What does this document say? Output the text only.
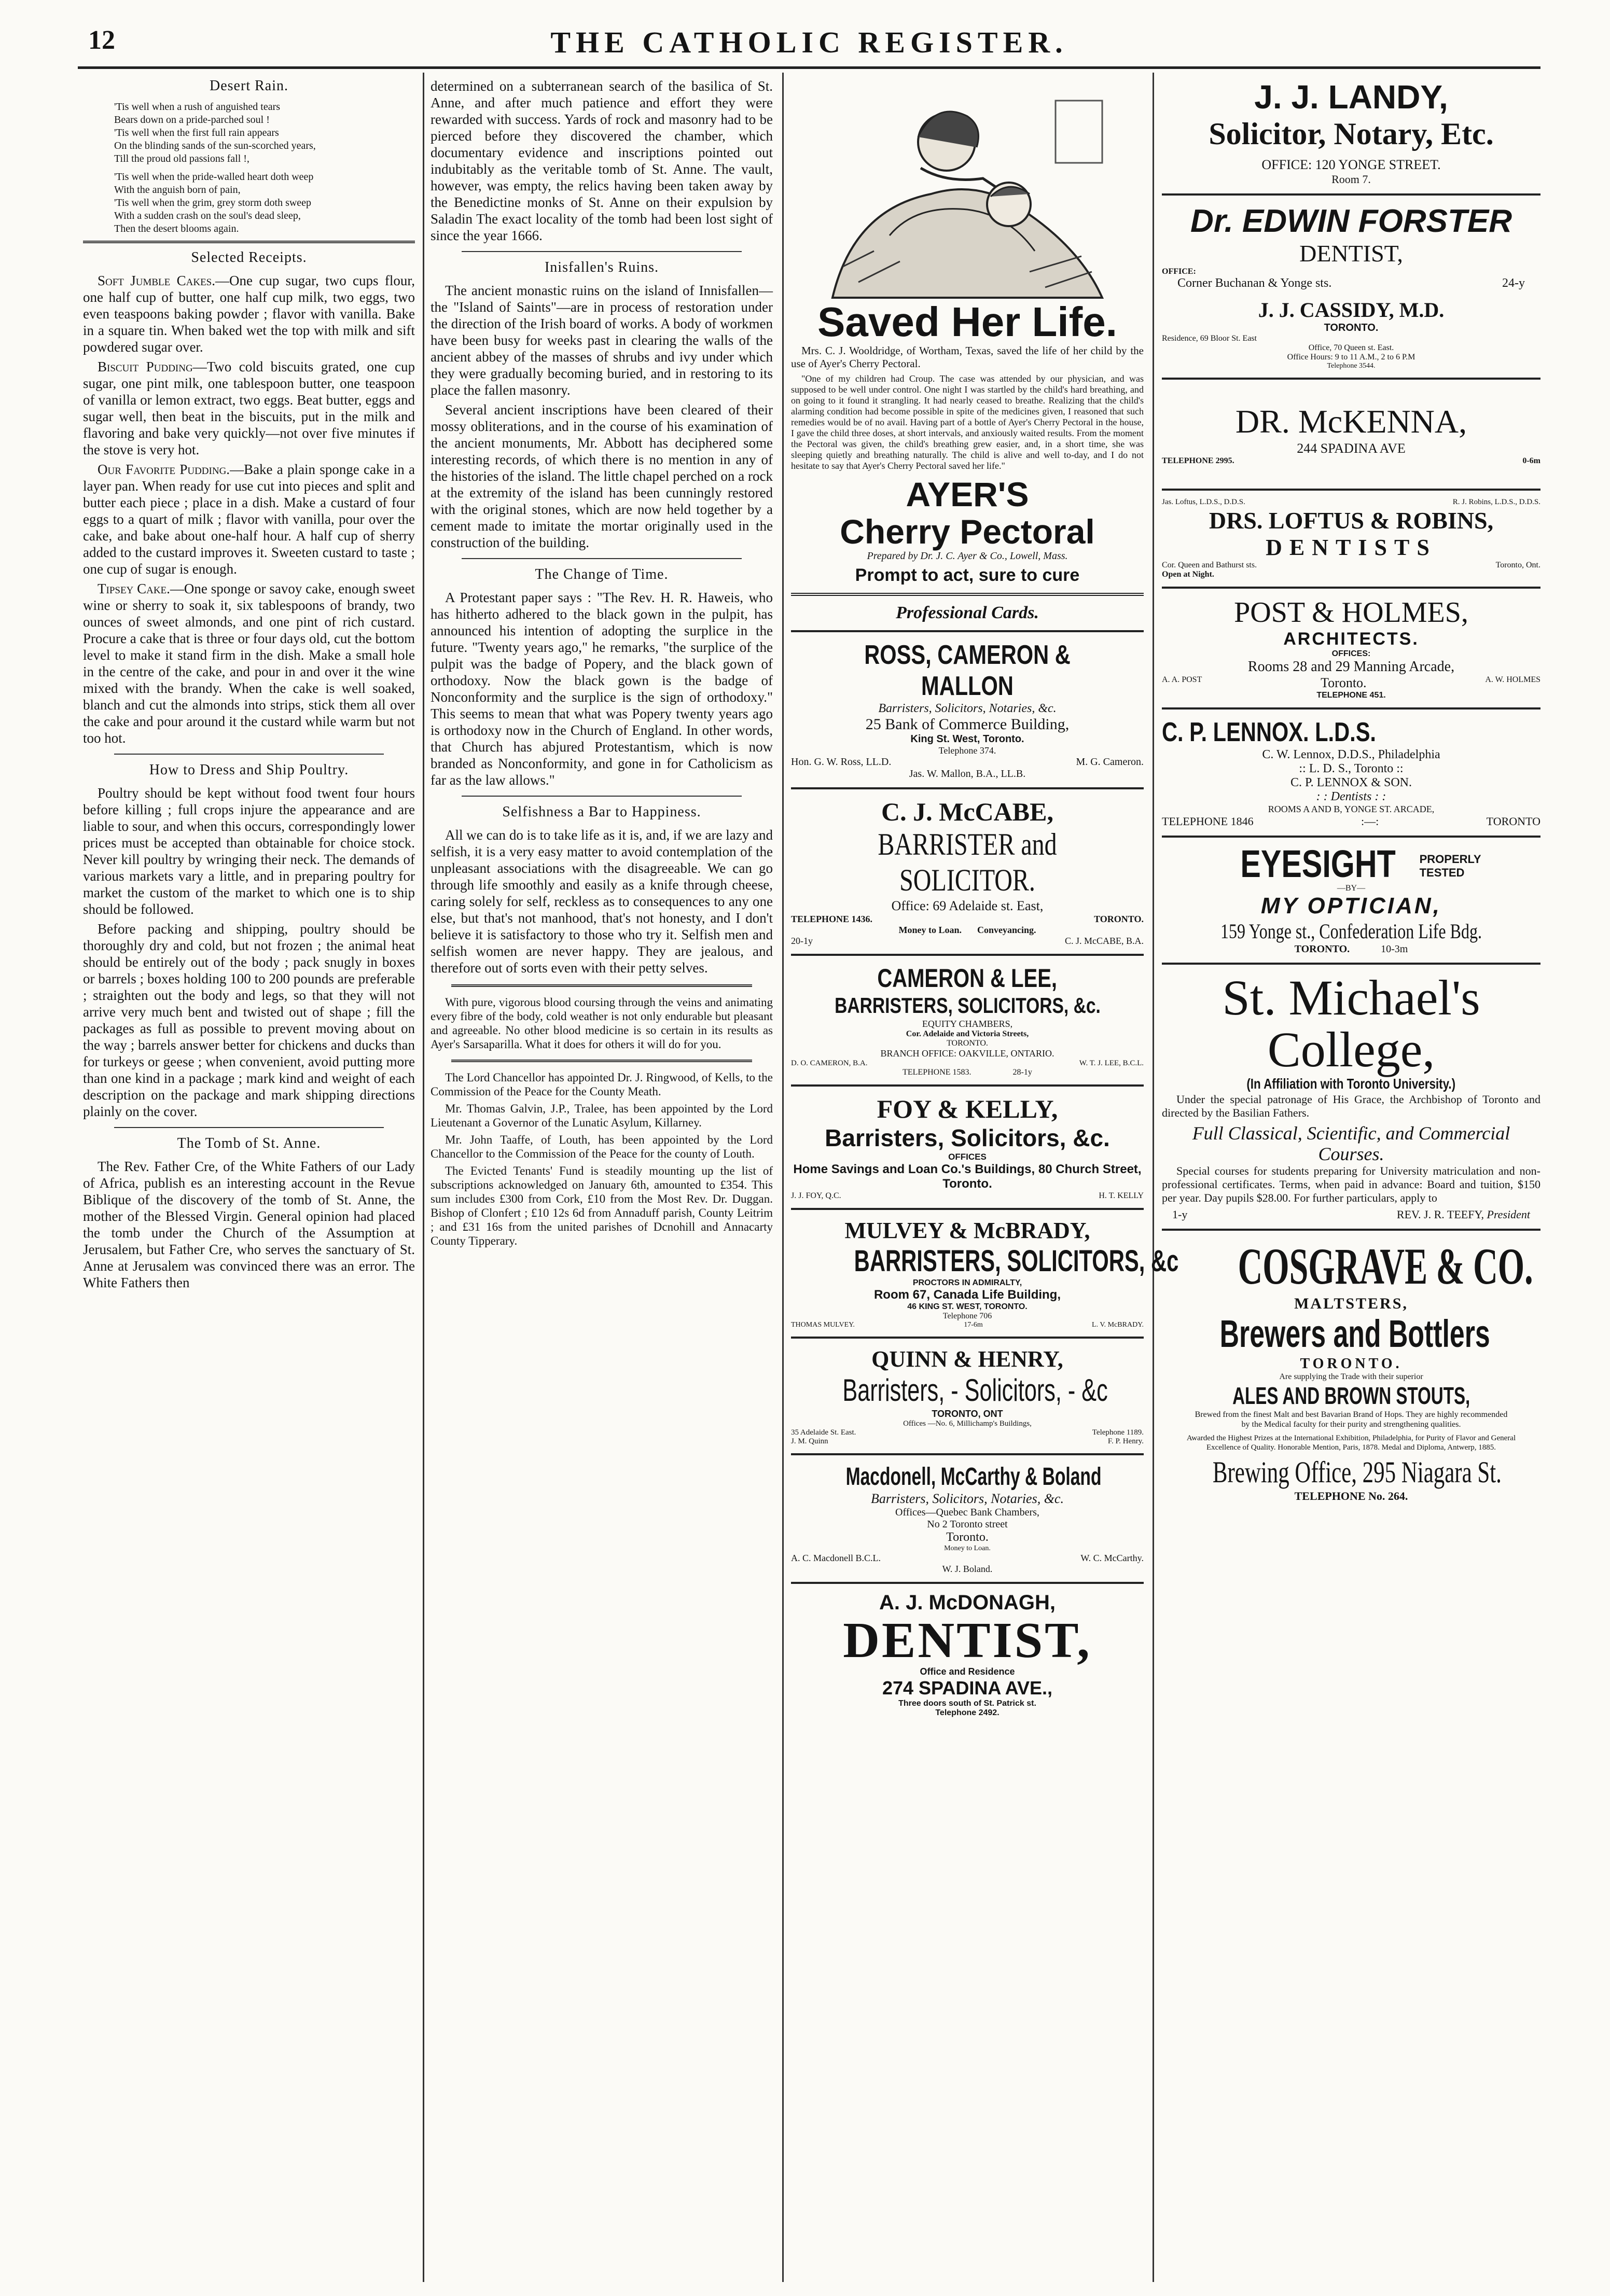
12	THE CATHOLIC REGISTER.
Desert Rain.
'Tis well when a rush of anguished tears
Bears down on a pride-parched soul !
'Tis well when the first full rain appears
On the blinding sands of the sun-scorched years,
Till the proud old passions fall !,
'Tis well when the pride-walled heart doth weep
With the anguish born of pain,
'Tis well when the grim, grey storm doth sweep
With a sudden crash on the soul's dead sleep,
Then the desert blooms again.
Selected Receipts.

Soft Jumble Cakes.—One cup sugar, two cups flour, one half cup of butter, one half cup milk, two eggs, two even teaspoons baking powder ; flavor with vanilla. Bake in a square tin. When baked wet the top with milk and sift powdered sugar over.

Biscuit Pudding—Two cold biscuits grated, one cup sugar, one pint milk, one tablespoon butter, one teaspoon of vanilla or lemon extract, two eggs. Beat butter, eggs and sugar well, then beat in the biscuits, put in the milk and flavoring and bake very quickly—not over five minutes if the stove is very hot.

Our Favorite Pudding.—Bake a plain sponge cake in a layer pan. When ready for use cut into pieces and split and butter each piece ; place in a dish. Make a custard of four eggs to a quart of milk ; flavor with vanilla, pour over the cake, and bake about one-half hour. A half cup of sherry added to the custard improves it. Sweeten custard to taste ; one cup of sugar is enough.

Tipsey Cake.—One sponge or savoy cake, enough sweet wine or sherry to soak it, six tablespoons of brandy, two ounces of sweet almonds, and one pint of rich custard. Procure a cake that is three or four days old, cut the bottom level to make it stand firm in the dish. Make a small hole in the centre of the cake, and pour in and over it the wine mixed with the brandy. When the cake is well soaked, blanch and cut the almonds into strips, stick them all over the cake and pour around it the custard while warm but not too hot.

How to Dress and Ship Poultry.

Poultry should be kept without food twent four hours before killing ; full crops injure the appearance and are liable to sour, and when this occurs, correspondingly lower prices must be accepted than obtainable for choice stock. Never kill poultry by wringing their neck. The demands of various markets vary a little, and in preparing poultry for market the custom of the market to which one is to ship should be followed.

Before packing and shipping, poultry should be thoroughly dry and cold, but not frozen ; the animal heat should be entirely out of the body ; pack snugly in boxes or barrels ; boxes holding 100 to 200 pounds are preferable ; straighten out the body and legs, so that they will not arrive very much bent and twisted out of shape ; fill the packages as full as possible to prevent moving about on the way ; barrels answer better for chickens and ducks than for turkeys or geese ; when convenient, avoid putting more than one kind in a package ; mark kind and weight of each description on the package and mark shipping directions plainly on the cover.

The Tomb of St. Anne.

The Rev. Father Cre, of the White Fathers of our Lady of Africa, publish es an interesting account in the Revue Biblique of the discovery of the tomb of St. Anne, the mother of the Blessed Virgin. General opinion had placed the tomb under the Church of the Assumption at Jerusalem, but Father Cre, who serves the sanctuary of St. Anne at Jerusalem was convinced there was an error. The White Fathers then

determined on a subterranean search of the basilica of St. Anne, and after much patience and effort they were rewarded with success. Yards of rock and masonry had to be pierced before they discovered the chamber, which documentary evidence and inscriptions pointed out indubitably as the veritable tomb of St. Anne. The vault, however, was empty, the relics having been taken away by the Benedictine monks of St. Anne on their expulsion by Saladin The exact locality of the tomb had been lost sight of since the year 1666.

Inisfallen's Ruins.

The ancient monastic ruins on the island of Innisfallen—the "Island of Saints"—are in process of restoration under the direction of the Irish board of works. A body of workmen have been busy for weeks past in clearing the walls of the ancient abbey of the masses of shrubs and ivy under which they were gradually becoming buried, and in restoring to its place the fallen masonry.

Several ancient inscriptions have been cleared of their mossy obliterations, and in the course of his examination of the ancient monuments, Mr. Abbott has deciphered some interesting records, of which there is no mention in any of the histories of the island. The little chapel perched on a rock at the extremity of the island has been cunningly restored with the original stones, which are now held together by a cement made to imitate the mortar originally used in the construction of the building.

The Change of Time.

A Protestant paper says : "The Rev. H. R. Haweis, who has hitherto adhered to the black gown in the pulpit, has announced his intention of adopting the surplice in the future. "Twenty years ago," he remarks, "the surplice of the pulpit was the badge of Popery, and the black gown of orthodoxy. Now the black gown is the badge of Nonconformity and the surplice is the sign of orthodoxy." This seems to mean that what was Popery twenty years ago is orthodoxy now in the Church of England. In other words, that Church has abjured Protestantism, which is now branded as Nonconformity, and gone in for Catholicism as far as the law allows."

Selfishness a Bar to Happiness.

All we can do is to take life as it is, and, if we are lazy and selfish, it is a very easy matter to avoid contemplation of the unpleasant associations with the disagreeable. We can go through life smoothly and easily as a knife through cheese, caring solely for self, reckless as to consequences to any one else, but that's not manhood, that's not honesty, and I don't believe it is satisfactory to those who try it. Selfish men and selfish women are never happy. They are jealous, and therefore out of sorts even with their petty selves.

With pure, vigorous blood coursing through the veins and animating every fibre of the body, cold weather is not only endurable but pleasant and agreeable. No other blood medicine is so certain in its results as Ayer's Sarsaparilla. What it does for others it will do for you.

The Lord Chancellor has appointed Dr. J. Ringwood, of Kells, to the Commission of the Peace for the County Meath.

Mr. Thomas Galvin, J.P., Tralee, has been appointed by the Lord Lieutenant a Governor of the Lunatic Asylum, Killarney.

Mr. John Taaffe, of Louth, has been appointed by the Lord Chancellor to the Commission of the Peace for the county of Louth.

The Evicted Tenants' Fund is steadily mounting up the list of subscriptions acknowledged on January 6th, amounted to £354. This sum includes £300 from Cork, £10 from the Most Rev. Dr. Duggan. Bishop of Clonfert ; £10 12s 6d from Annaduff parish, County Leitrim ; and £31 16s from the united parishes of Dcnohill and Annacarty County Tipperary.

Saved Her Life.

Mrs. C. J. Wooldridge, of Wortham, Texas, saved the life of her child by the use of Ayer's Cherry Pectoral.

"One of my children had Croup. The case was attended by our physician, and was supposed to be well under control. One night I was startled by the child's hard breathing, and on going to it found it strangling. It had nearly ceased to breathe. Realizing that the child's alarming condition had become possible in spite of the medicines given, I reasoned that such remedies would be of no avail. Having part of a bottle of Ayer's Cherry Pectoral in the house, I gave the child three doses, at short intervals, and anxiously waited results. From the moment the Pectoral was given, the child's breathing grew easier, and, in a short time, she was sleeping quietly and breathing naturally. The child is alive and well to-day, and I do not hesitate to say that Ayer's Cherry Pectoral saved her life."

AYER'S
Cherry Pectoral
Prepared by Dr. J. C. Ayer & Co., Lowell, Mass.
Prompt to act, sure to cure
Professional Cards.
ROSS, CAMERON & MALLON
Barristers, Solicitors, Notaries, &c.
25 Bank of Commerce Building,
King St. West, Toronto.
Telephone 374.
Hon. G. W. Ross, LL.D.	M. G. Cameron.
Jas. W. Mallon, B.A., LL.B.
C. J. McCABE,
BARRISTER and SOLICITOR.
Office: 69 Adelaide st. East,
TELEPHONE 1436.	TORONTO.
Money to Loan. Conveyancing.
20-1y	C. J. McCABE, B.A.
CAMERON & LEE,
BARRISTERS, SOLICITORS, &c.
EQUITY CHAMBERS,
Cor. Adelaide and Victoria Streets,
TORONTO.
BRANCH OFFICE: OAKVILLE, ONTARIO.
D. O. CAMERON, B.A.	W. T. J. LEE, B.C.L.
TELEPHONE 1583.	28-1y
FOY & KELLY,
Barristers, Solicitors, &c.
OFFICES
Home Savings and Loan Co.'s Buildings, 80 Church Street, Toronto.
J. J. FOY, Q.C.	H. T. KELLY
MULVEY & McBRADY,
BARRISTERS, SOLICITORS, &c
PROCTORS IN ADMIRALTY,
Room 67, Canada Life Building,
46 KING ST. WEST, TORONTO.
Telephone 706
THOMAS MULVEY.	17-6m	L. V. McBRADY.
QUINN & HENRY,
Barristers, - Solicitors, - &c
TORONTO, ONT
Offices —No. 6, Millichamp's Buildings,
35 Adelaide St. East.	Telephone 1189.
J. M. Quinn	F. P. Henry.
Macdonell, McCarthy & Boland
Barristers, Solicitors, Notaries, &c.
Offices—Quebec Bank Chambers,
No 2 Toronto street
Toronto.
Money to Loan.
A. C. Macdonell B.C.L.	W. C. McCarthy.
W. J. Boland.
A. J. McDONAGH,
DENTIST,
Office and Residence
274 SPADINA AVE.,
Three doors south of St. Patrick st.
Telephone 2492.
J. J. LANDY,
Solicitor, Notary, Etc.
OFFICE: 120 YONGE STREET.
Room 7.
Dr. EDWIN FORSTER
DENTIST,
OFFICE:
Corner Buchanan & Yonge sts.	24-y
J. J. CASSIDY, M.D.
TORONTO.
Residence, 69 Bloor St. East
Office, 70 Queen st. East.
Office Hours: 9 to 11 A.M., 2 to 6 P.M
Telephone 3544.
DR. McKENNA,
244 SPADINA AVE
TELEPHONE 2995.	0-6m
Jas. Loftus, L.D.S., D.D.S.	R. J. Robins, L.D.S., D.D.S.
DRS. LOFTUS & ROBINS,
DENTISTS
Cor. Queen and Bathurst sts.	Toronto, Ont.
Open at Night.
POST & HOLMES,
ARCHITECTS.
OFFICES:
Rooms 28 and 29 Manning Arcade,
A. A. POST	Toronto.	A. W. HOLMES
TELEPHONE 451.
C. P. LENNOX. L.D.S.
C. W. Lennox, D.D.S., Philadelphia
:: L. D. S., Toronto ::
C. P. LENNOX & SON.
: : Dentists : :
ROOMS A AND B, YONGE ST. ARCADE,
TELEPHONE 1846	:—:	TORONTO
EYESIGHT	PROPERLY
TESTED
—BY—
MY OPTICIAN,
159 Yonge st., Confederation Life Bdg.
TORONTO.	10-3m
St. Michael's
College,
(In Affiliation with Toronto University.)

Under the special patronage of His Grace, the Archbishop of Toronto and directed by the Basilian Fathers.

Full Classical, Scientific, and Commercial Courses.

Special courses for students preparing for University matriculation and non-professional certificates. Terms, when paid in advance: Board and tuition, $150 per year. Day pupils $28.00. For further particulars, apply to

1-y	REV. J. R. TEEFY, President
COSGRAVE & CO.
MALTSTERS,
Brewers and Bottlers
TORONTO.
Are supplying the Trade with their superior
ALES AND BROWN STOUTS,
Brewed from the finest Malt and best Bavarian Brand of Hops. They are highly recommended by the Medical faculty for their purity and strengthening qualities.
Awarded the Highest Prizes at the International Exhibition, Philadelphia, for Purity of Flavor and General Excellence of Quality. Honorable Mention, Paris, 1878. Medal and Diploma, Antwerp, 1885.
Brewing Office, 295 Niagara St.
TELEPHONE No. 264.
